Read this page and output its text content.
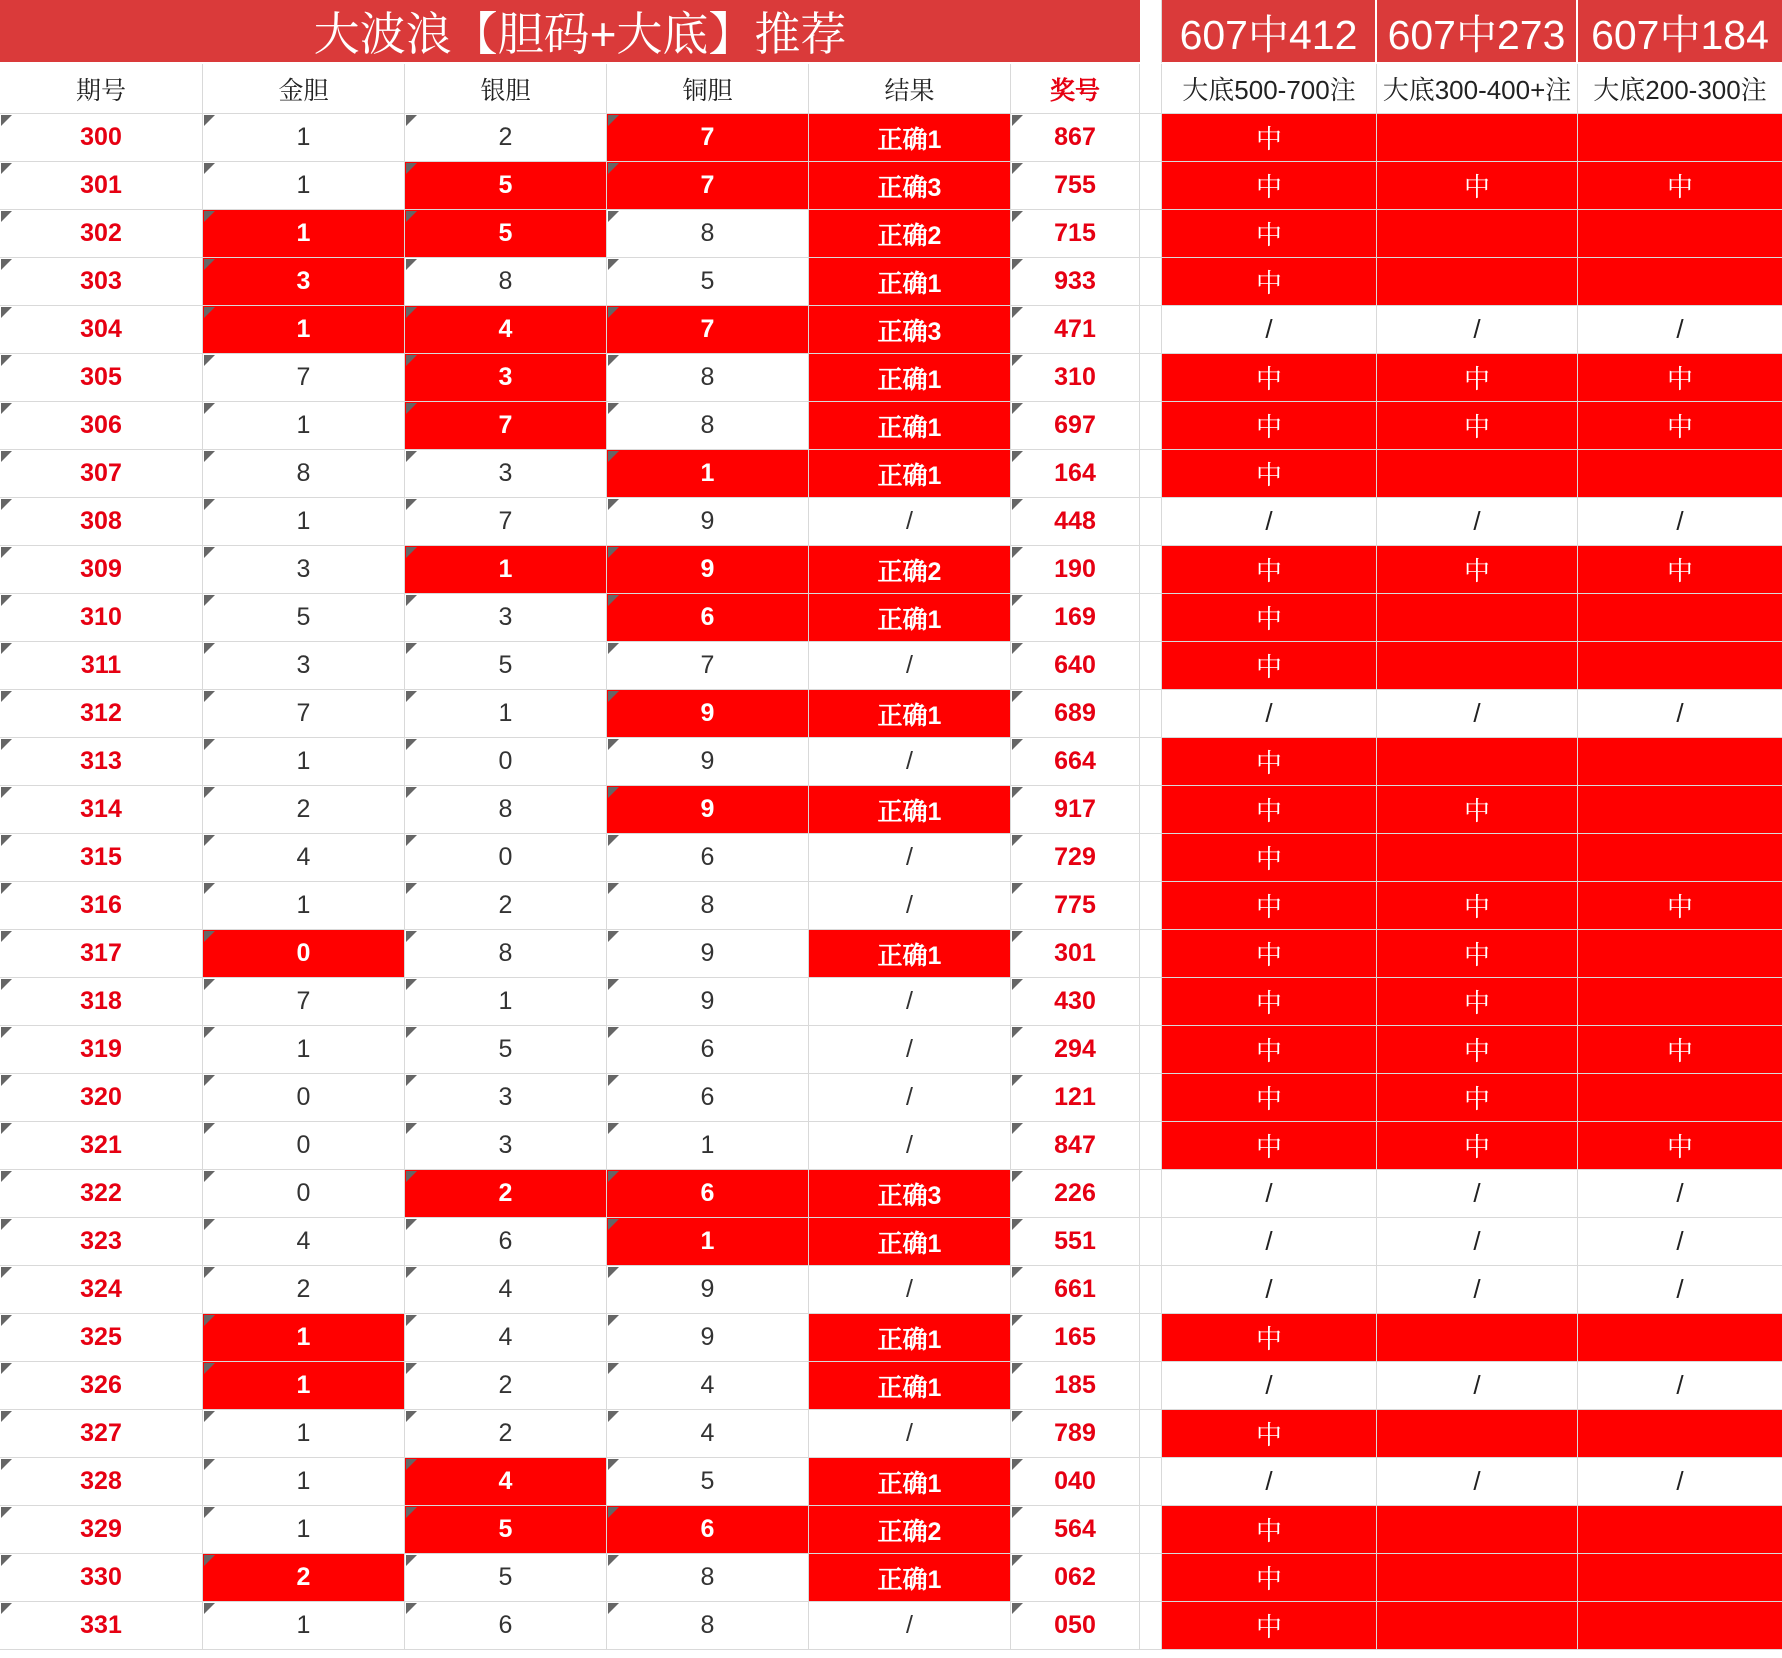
大波浪【胆码+大底】推荐	607中412 607中273 607中184
期号	金胆	银胆	铜胆	结果	奖号	大底500-700注	大底300-400+注 大底200-300注
300	1	2	7	正确1	867	中
301	1	5	7	正确3	755	中	中	中
302	1	5	8	正确2	715	中
303	3	8	5	正确1	933	中
304	1	4	7	正确3	471	/	/	/
305	7	3	8	正确1	310	中	中	中
306	1	7	8	正确1	697	中	中	中
307	8	3	1	正确1	164	中
308	1	7	9	/	448	/	/	/
309	3	1	9	正确2	190	中	中	中
310	5	3	6	正确1	169	中
311	3	5	7	/	640	中
312	7	1	9	正确1	689	/	/	/
313	1	0	9	/	664	中
314	2	8	9	正确1	917	中	中
315	4	0	6	/	729	中
316	1	2	8	/	775	中	中	中
317	0	8	9	正确1	301	中	中
318	7	1	9	/	430	中	中
319	1	5	6	/	294	中	中	中
320	0	3	6	/	121	中	中
321	0	3	1	/	847	中	中	中
322	0	2	6	正确3	226	/	/	/
323	4	6	1	正确1	551	/	/	/
324	2	4	9	/	661	/	/	/
325	1	4	9	正确1	165	中
326	1	2	4	正确1	185	/	/	/
327	1	2	4	/	789	中
328	1	4	5	正确1	040	/	/	/
329	1	5	6	正确2	564	中
330	2	5	8	正确1	062	中
331	1	6	8	/	050	中
